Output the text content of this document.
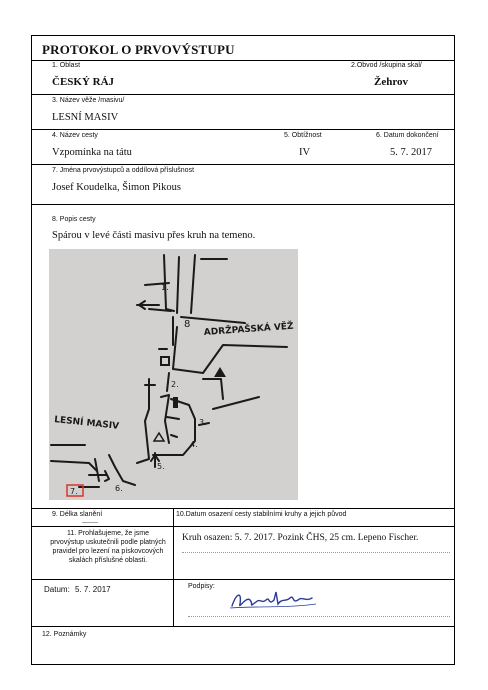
PROTOKOL O PRVOVÝSTUPU
1. Oblast	2.Obvod /skupina skal/
ČESKÝ RÁJ	Žehrov
3. Název věže /masivu/
LESNÍ MASIV
4. Název cesty	5. Obtížnost	6. Datum dokončení
Vzpomínka na tátu	IV	5. 7. 2017
7. Jména prvovýstupců a oddílová příslušnost
Josef Koudelka, Šimon Pikous
8. Popis cesty
Spárou v levé části masivu přes kruh na temeno.
1.
2.
3.
4.
5.
6.
8 ADRŽPAŠSKÁ VĚŽ
LESNÍ MASIV
7.
9. Délka slanění	10.Datum osazení cesty stabilními kruhy a jejich původ
--------
11. Prohlašujeme, že jsme prvovýstup uskutečnili podle platných pravidel pro lezení na pískovcových skalách příslušné oblasti.
Kruh osazen: 5. 7. 2017. Pozink ČHS, 25 cm. Lepeno Fischer.
Datum: 5. 7. 2017	Podpisy:
12. Poznámky
